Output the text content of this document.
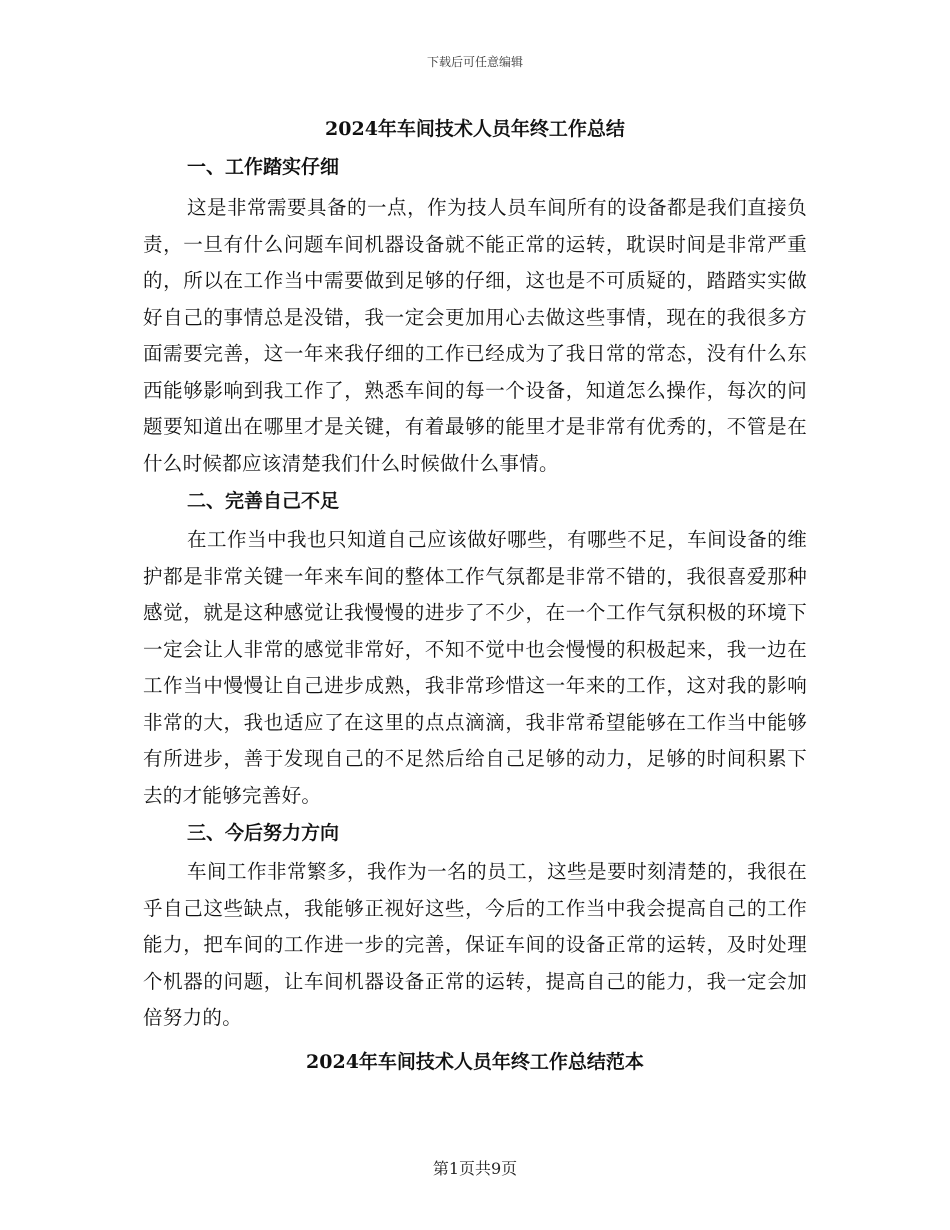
下载后可任意编辑
2024年车间技术人员年终工作总结
一、工作踏实仔细

这是非常需要具备的一点，作为技人员车间所有的设备都是我们直接负责，一旦有什么问题车间机器设备就不能正常的运转，耽误时间是非常严重的，所以在工作当中需要做到足够的仔细，这也是不可质疑的，踏踏实实做好自己的事情总是没错，我一定会更加用心去做这些事情，现在的我很多方面需要完善，这一年来我仔细的工作已经成为了我日常的常态，没有什么东西能够影响到我工作了，熟悉车间的每一个设备，知道怎么操作，每次的问题要知道出在哪里才是关键，有着最够的能里才是非常有优秀的，不管是在什么时候都应该清楚我们什么时候做什么事情。

二、完善自己不足

在工作当中我也只知道自己应该做好哪些，有哪些不足，车间设备的维护都是非常关键一年来车间的整体工作气氛都是非常不错的，我很喜爱那种感觉，就是这种感觉让我慢慢的进步了不少，在一个工作气氛积极的环境下一定会让人非常的感觉非常好，不知不觉中也会慢慢的积极起来，我一边在工作当中慢慢让自己进步成熟，我非常珍惜这一年来的工作，这对我的影响非常的大，我也适应了在这里的点点滴滴，我非常希望能够在工作当中能够有所进步，善于发现自己的不足然后给自己足够的动力，足够的时间积累下去的才能够完善好。

三、今后努力方向

车间工作非常繁多，我作为一名的员工，这些是要时刻清楚的，我很在乎自己这些缺点，我能够正视好这些，今后的工作当中我会提高自己的工作能力，把车间的工作进一步的完善，保证车间的设备正常的运转，及时处理个机器的问题，让车间机器设备正常的运转，提高自己的能力，我一定会加倍努力的。

2024年车间技术人员年终工作总结范本
第1页共9页
